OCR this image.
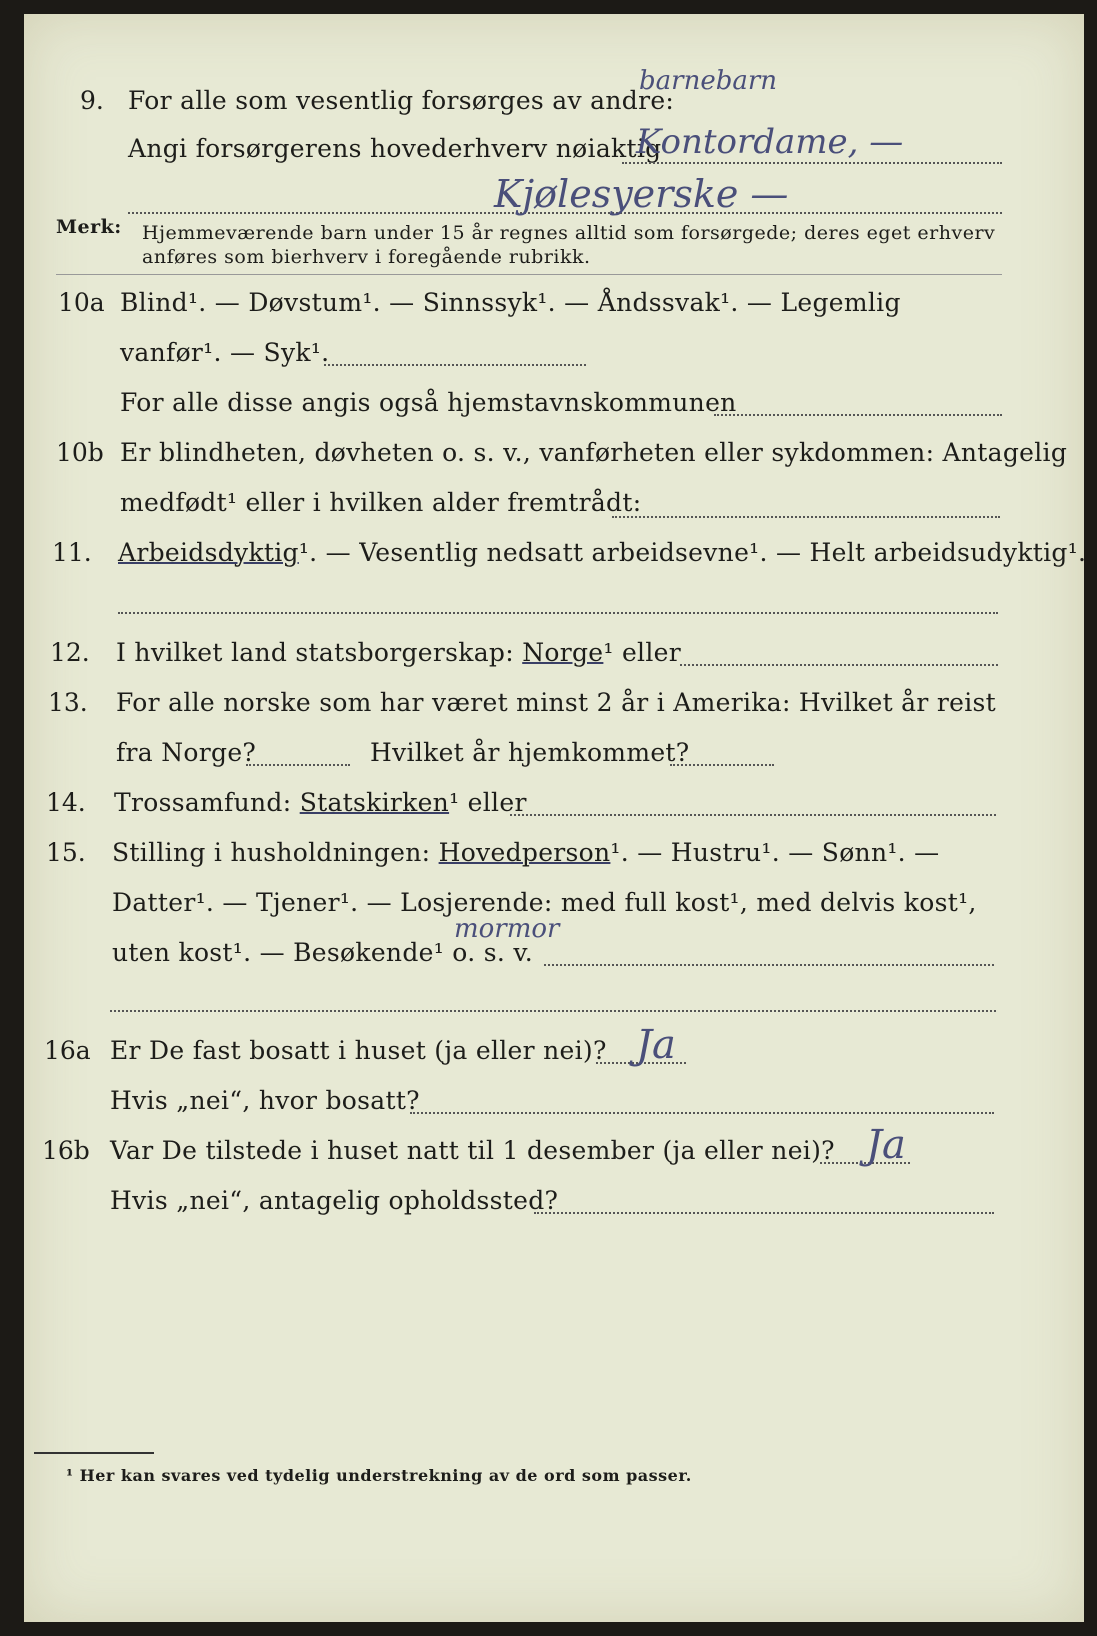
9. For alle som vesentlig forsørges av andre:
barnebarn
Angi forsørgerens hovederhverv nøiaktig
Kontordame, —
Kjølesyerske —
Merk: Hjemmeværende barn under 15 år regnes alltid som forsørgede; deres eget erhverv
anføres som bierhverv i foregående rubrikk.
10a Blind¹. — Døvstum¹. — Sinnssyk¹. — Åndssvak¹. — Legemlig
vanfør¹. — Syk¹.
For alle disse angis også hjemstavnskommunen
10b Er blindheten, døvheten o. s. v., vanførheten eller sykdommen: Antagelig
medfødt¹ eller i hvilken alder fremtrådt:
11. Arbeidsdyktig¹. — Vesentlig nedsatt arbeidsevne¹. — Helt arbeidsudyktig¹.
12. I hvilket land statsborgerskap: Norge¹ eller
13. For alle norske som har været minst 2 år i Amerika: Hvilket år reist
fra Norge?	Hvilket år hjemkommet?
14. Trossamfund: Statskirken¹ eller
15. Stilling i husholdningen: Hovedperson¹. — Hustru¹. — Sønn¹. —
Datter¹. — Tjener¹. — Losjerende: med full kost¹, med delvis kost¹,
uten kost¹. — Besøkende¹ o. s. v.
mormor
16a Er De fast bosatt i huset (ja eller nei)? Ja
Hvis „nei“, hvor bosatt?
16b Var De tilstede i huset natt til 1 desember (ja eller nei)? Ja
Hvis „nei“, antagelig opholdssted?
¹ Her kan svares ved tydelig understrekning av de ord som passer.
